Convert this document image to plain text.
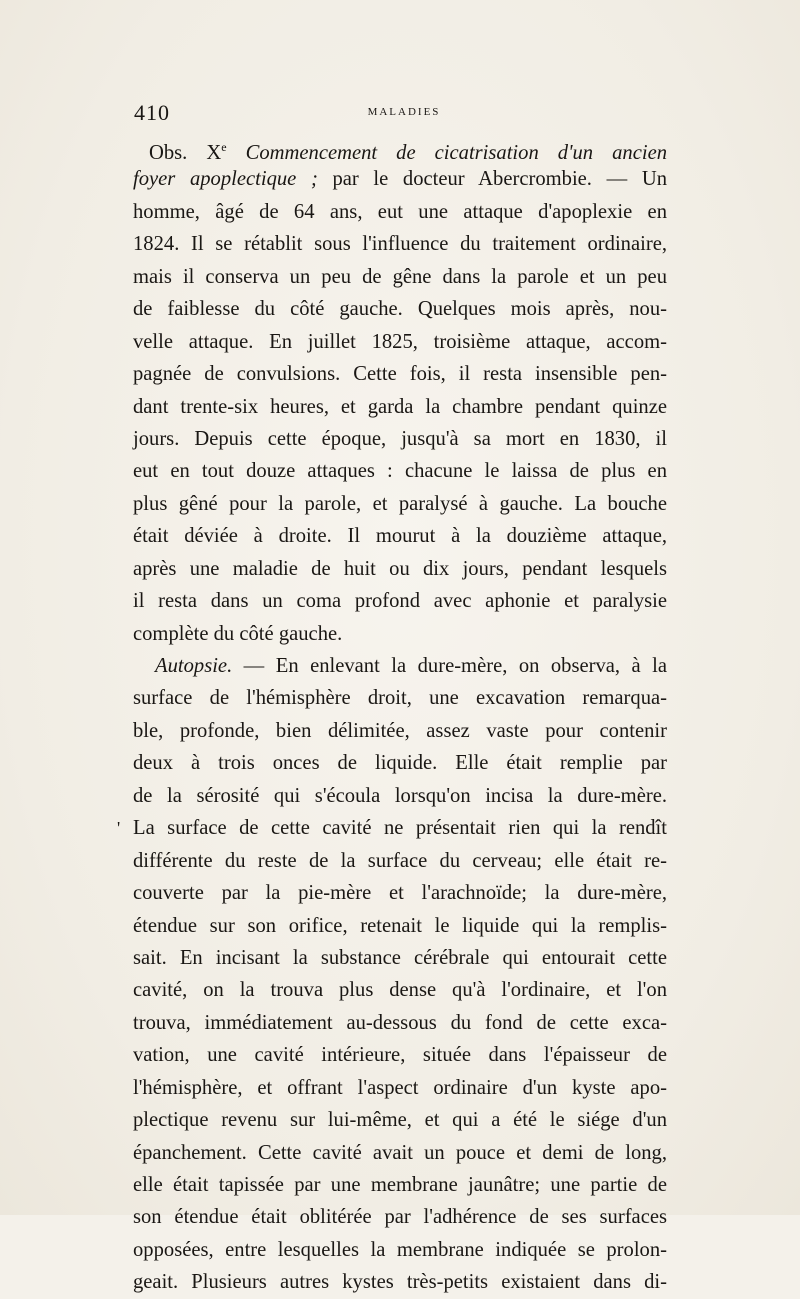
410	MALADIES
Obs. Xe Commencement de cicatrisation d'un ancien
foyer apoplectique ; par le docteur Abercrombie. — Un
homme, âgé de 64 ans, eut une attaque d'apoplexie en
1824. Il se rétablit sous l'influence du traitement ordinaire,
mais il conserva un peu de gêne dans la parole et un peu
de faiblesse du côté gauche. Quelques mois après, nou-
velle attaque. En juillet 1825, troisième attaque, accom-
pagnée de convulsions. Cette fois, il resta insensible pen-
dant trente-six heures, et garda la chambre pendant quinze
jours. Depuis cette époque, jusqu'à sa mort en 1830, il
eut en tout douze attaques : chacune le laissa de plus en
plus gêné pour la parole, et paralysé à gauche. La bouche
était déviée à droite. Il mourut à la douzième attaque,
après une maladie de huit ou dix jours, pendant lesquels
il resta dans un coma profond avec aphonie et paralysie
complète du côté gauche.
Autopsie. — En enlevant la dure-mère, on observa, à la
surface de l'hémisphère droit, une excavation remarqua-
ble, profonde, bien délimitée, assez vaste pour contenir
deux à trois onces de liquide. Elle était remplie par
de la sérosité qui s'écoula lorsqu'on incisa la dure-mère.
' La surface de cette cavité ne présentait rien qui la rendît
différente du reste de la surface du cerveau; elle était re-
couverte par la pie-mère et l'arachnoïde; la dure-mère,
étendue sur son orifice, retenait le liquide qui la remplis-
sait. En incisant la substance cérébrale qui entourait cette
cavité, on la trouva plus dense qu'à l'ordinaire, et l'on
trouva, immédiatement au-dessous du fond de cette exca-
vation, une cavité intérieure, située dans l'épaisseur de
l'hémisphère, et offrant l'aspect ordinaire d'un kyste apo-
plectique revenu sur lui-même, et qui a été le siége d'un
épanchement. Cette cavité avait un pouce et demi de long,
elle était tapissée par une membrane jaunâtre; une partie de
son étendue était oblitérée par l'adhérence de ses surfaces
opposées, entre lesquelles la membrane indiquée se prolon-
geait. Plusieurs autres kystes très-petits existaient dans di-
